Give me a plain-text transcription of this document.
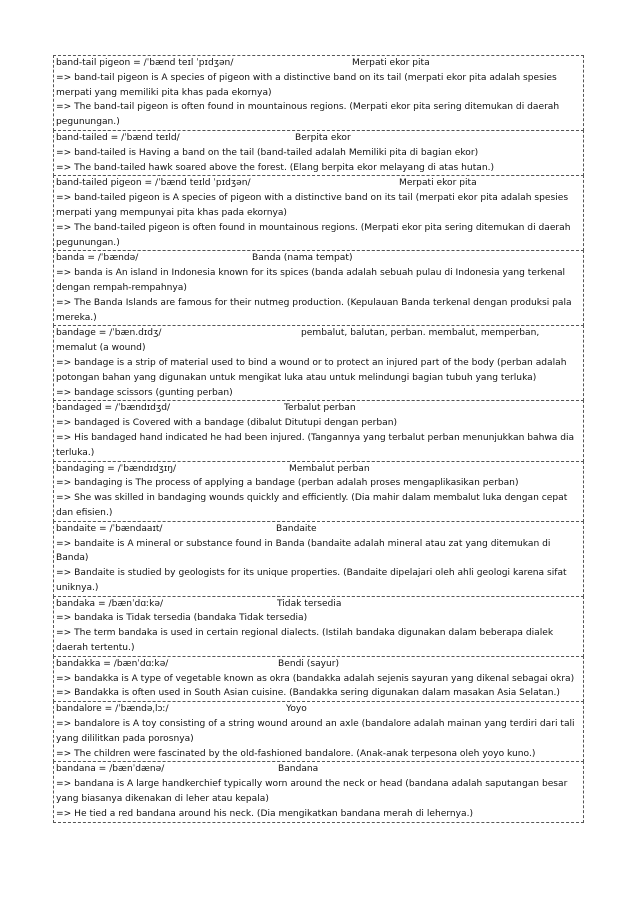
band-tail pigeon = /ˈbænd teɪl ˈpɪdʒən/	Merpati ekor pita
=> band-tail pigeon is A species of pigeon with a distinctive band on its tail (merpati ekor pita adalah spesies merpati yang memiliki pita khas pada ekornya)
=> The band-tail pigeon is often found in mountainous regions. (Merpati ekor pita sering ditemukan di daerah pegunungan.)
band-tailed = /ˈbænd teɪld/	Berpita ekor
=> band-tailed is Having a band on the tail (band-tailed adalah Memiliki pita di bagian ekor)
=> The band-tailed hawk soared above the forest. (Elang berpita ekor melayang di atas hutan.)
band-tailed pigeon = /ˈbænd teɪld ˈpɪdʒən/	Merpati ekor pita
=> band-tailed pigeon is A species of pigeon with a distinctive band on its tail (merpati ekor pita adalah spesies merpati yang mempunyai pita khas pada ekornya)
=> The band-tailed pigeon is often found in mountainous regions. (Merpati ekor pita sering ditemukan di daerah pegunungan.)
banda = /ˈbændə/	Banda (nama tempat)
=> banda is An island in Indonesia known for its spices (banda adalah sebuah pulau di Indonesia yang terkenal dengan rempah-rempahnya)
=> The Banda Islands are famous for their nutmeg production. (Kepulauan Banda terkenal dengan produksi pala mereka.)
bandage = /ˈbæn.dɪdʒ/	pembalut, balutan, perban. membalut, memperban, memalut (a wound)
=> bandage is a strip of material used to bind a wound or to protect an injured part of the body (perban adalah potongan bahan yang digunakan untuk mengikat luka atau untuk melindungi bagian tubuh yang terluka)
=> bandage scissors (gunting perban)
bandaged = /ˈbændɪdʒd/	Terbalut perban
=> bandaged is Covered with a bandage (dibalut Ditutupi dengan perban)
=> His bandaged hand indicated he had been injured. (Tangannya yang terbalut perban menunjukkan bahwa dia terluka.)
bandaging = /ˈbændɪdʒɪŋ/	Membalut perban
=> bandaging is The process of applying a bandage (perban adalah proses mengaplikasikan perban)
=> She was skilled in bandaging wounds quickly and efficiently. (Dia mahir dalam membalut luka dengan cepat dan efisien.)
bandaite = /ˈbændaaɪt/	Bandaite
=> bandaite is A mineral or substance found in Banda (bandaite adalah mineral atau zat yang ditemukan di Banda)
=> Bandaite is studied by geologists for its unique properties. (Bandaite dipelajari oleh ahli geologi karena sifat uniknya.)
bandaka = /bænˈdɑːkə/	Tidak tersedia
=> bandaka is Tidak tersedia (bandaka Tidak tersedia)
=> The term bandaka is used in certain regional dialects. (Istilah bandaka digunakan dalam beberapa dialek daerah tertentu.)
bandakka = /bænˈdɑːkə/	Bendi (sayur)
=> bandakka is A type of vegetable known as okra (bandakka adalah sejenis sayuran yang dikenal sebagai okra)
=> Bandakka is often used in South Asian cuisine. (Bandakka sering digunakan dalam masakan Asia Selatan.)
bandalore = /ˈbændəˌlɔː/	Yoyo
=> bandalore is A toy consisting of a string wound around an axle (bandalore adalah mainan yang terdiri dari tali yang dililitkan pada porosnya)
=> The children were fascinated by the old-fashioned bandalore. (Anak-anak terpesona oleh yoyo kuno.)
bandana = /bænˈdænə/	Bandana
=> bandana is A large handkerchief typically worn around the neck or head (bandana adalah saputangan besar yang biasanya dikenakan di leher atau kepala)
=> He tied a red bandana around his neck. (Dia mengikatkan bandana merah di lehernya.)
